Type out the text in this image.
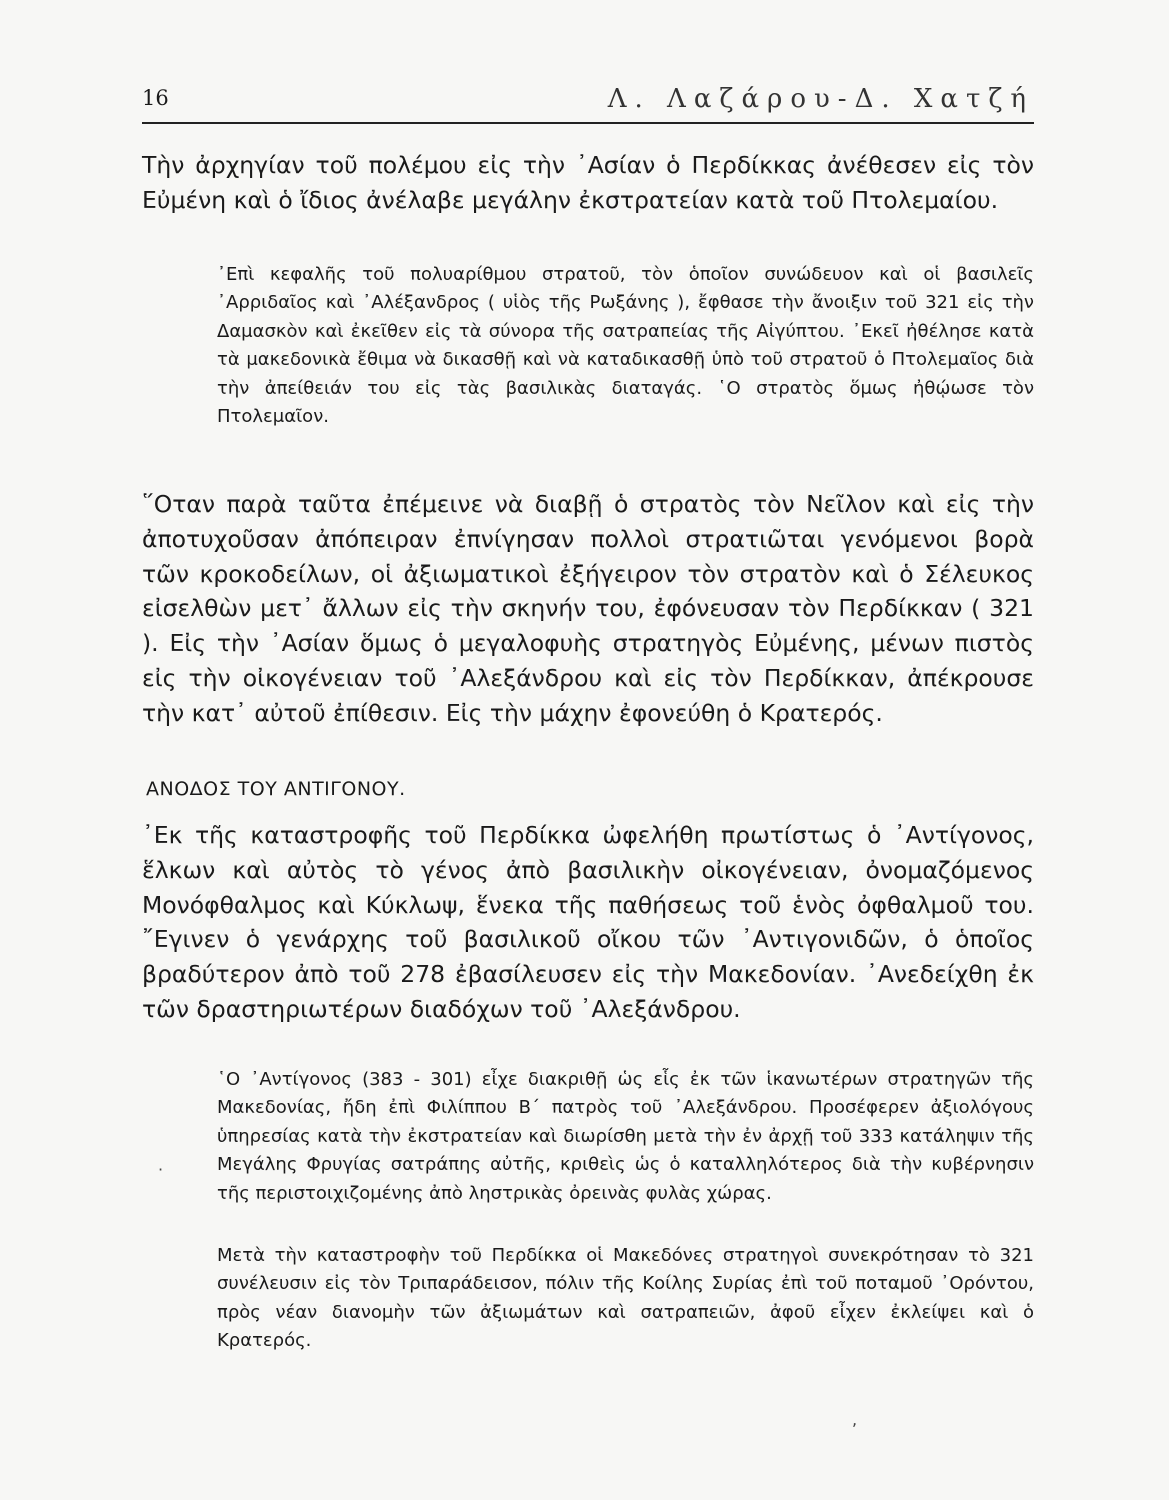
16	Λ. Λαζάρου-Δ. Χατζή

Τὴν ἀρχηγίαν τοῦ πολέμου εἰς τὴν ᾿Ασίαν ὁ Περδίκκας ἀνέθεσεν εἰς τὸν Εὐμένη καὶ ὁ ἴδιος ἀνέλαβε μεγάλην ἐκστρατείαν κατὰ τοῦ Πτολεμαίου.

᾿Επὶ κεφαλῆς τοῦ πολυαρίθμου στρατοῦ, τὸν ὁποῖον συνώδευον καὶ οἱ βασιλεῖς ᾿Αρριδαῖος καὶ ᾿Αλέξανδρος ( υἱὸς τῆς Ρωξάνης ), ἔφθασε τὴν ἄνοιξιν τοῦ 321 εἰς τὴν Δαμασκὸν καὶ ἐκεῖθεν εἰς τὰ σύνορα τῆς σατραπείας τῆς Αἰγύπτου. ᾿Εκεῖ ἠθέλησε κατὰ τὰ μακεδονικὰ ἔθιμα νὰ δικασθῇ καὶ νὰ καταδικασθῇ ὑπὸ τοῦ στρατοῦ ὁ Πτολεμαῖος διὰ τὴν ἀπείθειάν του εἰς τὰς βασιλικὰς διαταγάς. ῾Ο στρατὸς ὅμως ἠθῴωσε τὸν Πτολεμαῖον.

῞Οταν παρὰ ταῦτα ἐπέμεινε νὰ διαβῇ ὁ στρατὸς τὸν Νεῖλον καὶ εἰς τὴν ἀποτυχοῦσαν ἀπόπειραν ἐπνίγησαν πολλοὶ στρατιῶται γενόμενοι βορὰ τῶν κροκοδείλων, οἱ ἀξιωματικοὶ ἐξήγειρον τὸν στρατὸν καὶ ὁ Σέλευκος εἰσελθὼν μετ᾿ ἄλλων εἰς τὴν σκηνήν του, ἐφόνευσαν τὸν Περδίκκαν ( 321 ). Εἰς τὴν ᾿Ασίαν ὅμως ὁ μεγαλοφυὴς στρατηγὸς Εὐμένης, μένων πιστὸς εἰς τὴν οἰκογένειαν τοῦ ᾿Αλεξάνδρου καὶ εἰς τὸν Περδίκκαν, ἀπέκρουσε τὴν κατ᾿ αὐτοῦ ἐπίθεσιν. Εἰς τὴν μάχην ἐφονεύθη ὁ Κρατερός.

ΑΝΟΔΟΣ ΤΟΥ ΑΝΤΙΓΟΝΟΥ.

᾿Εκ τῆς καταστροφῆς τοῦ Περδίκκα ὠφελήθη πρωτίστως ὁ ᾿Αντίγονος, ἕλκων καὶ αὐτὸς τὸ γένος ἀπὸ βασιλικὴν οἰκογένειαν, ὀνομαζόμενος Μονόφθαλμος καὶ Κύκλωψ, ἕνεκα τῆς παθήσεως τοῦ ἑνὸς ὀφθαλμοῦ του. ῎Εγινεν ὁ γενάρχης τοῦ βασιλικοῦ οἴκου τῶν ᾿Αντιγονιδῶν, ὁ ὁποῖος βραδύτερον ἀπὸ τοῦ 278 ἐβασίλευσεν εἰς τὴν Μακεδονίαν. ᾿Ανεδείχθη ἐκ τῶν δραστηριωτέρων διαδόχων τοῦ ᾿Αλεξάνδρου.

῾Ο ᾿Αντίγονος (383 - 301) εἶχε διακριθῇ ὡς εἷς ἐκ τῶν ἱκανωτέρων στρατηγῶν τῆς Μακεδονίας, ἤδη ἐπὶ Φιλίππου Β΄ πατρὸς τοῦ ᾿Αλεξάνδρου. Προσέφερεν ἀξιολόγους ὑπηρεσίας κατὰ τὴν ἐκστρατείαν καὶ διωρίσθη μετὰ τὴν ἐν ἀρχῇ τοῦ 333 κατάληψιν τῆς Μεγάλης Φρυγίας σατράπης αὐτῆς, κριθεὶς ὡς ὁ καταλληλότερος διὰ τὴν κυβέρνησιν τῆς περιστοιχιζομένης ἀπὸ ληστρικὰς ὀρεινὰς φυλὰς χώρας.

Μετὰ τὴν καταστροφὴν τοῦ Περδίκκα οἱ Μακεδόνες στρατηγοὶ συνεκρότησαν τὸ 321 συνέλευσιν εἰς τὸν Τριπαράδεισον, πόλιν τῆς Κοίλης Συρίας ἐπὶ τοῦ ποταμοῦ ᾿Ορόντου, πρὸς νέαν διανομὴν τῶν ἀξιωμάτων καὶ σατραπειῶν, ἀφοῦ εἶχεν ἐκλείψει καὶ ὁ Κρατερός.

·
,
